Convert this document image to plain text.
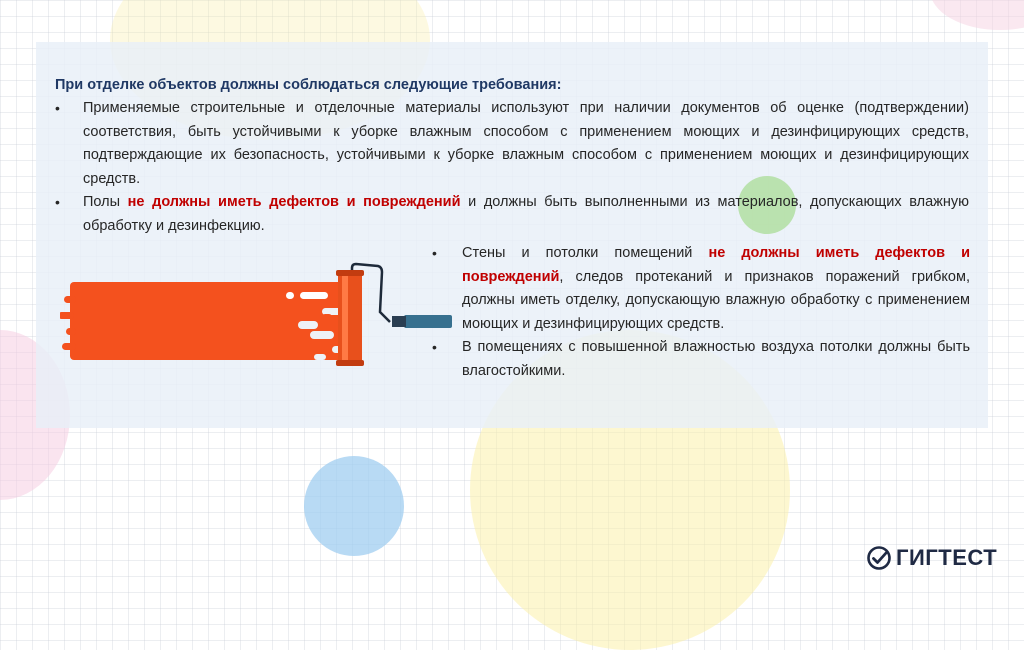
При отделке объектов должны соблюдаться следующие требования:

• Применяемые строительные и отделочные материалы используют при наличии документов об оценке (подтверждении) соответствия, быть устойчивыми к уборке влажным способом с применением моющих и дезинфицирующих средств, подтверждающие их безопасность, устойчивыми к уборке влажным способом с применением моющих и дезинфицирующих средств.
• Полы не должны иметь дефектов и повреждений и должны быть выполненными из материалов, допускающих влажную обработку и дезинфекцию.
• Стены и потолки помещений не должны иметь дефектов и повреждений, следов протеканий и признаков поражений грибком, должны иметь отделку, допускающую влажную обработку с применением моющих и дезинфицирующих средств.
• В помещениях с повышенной влажностью воздуха потолки должны быть влагостойкими.
ГИГТЕСТ
